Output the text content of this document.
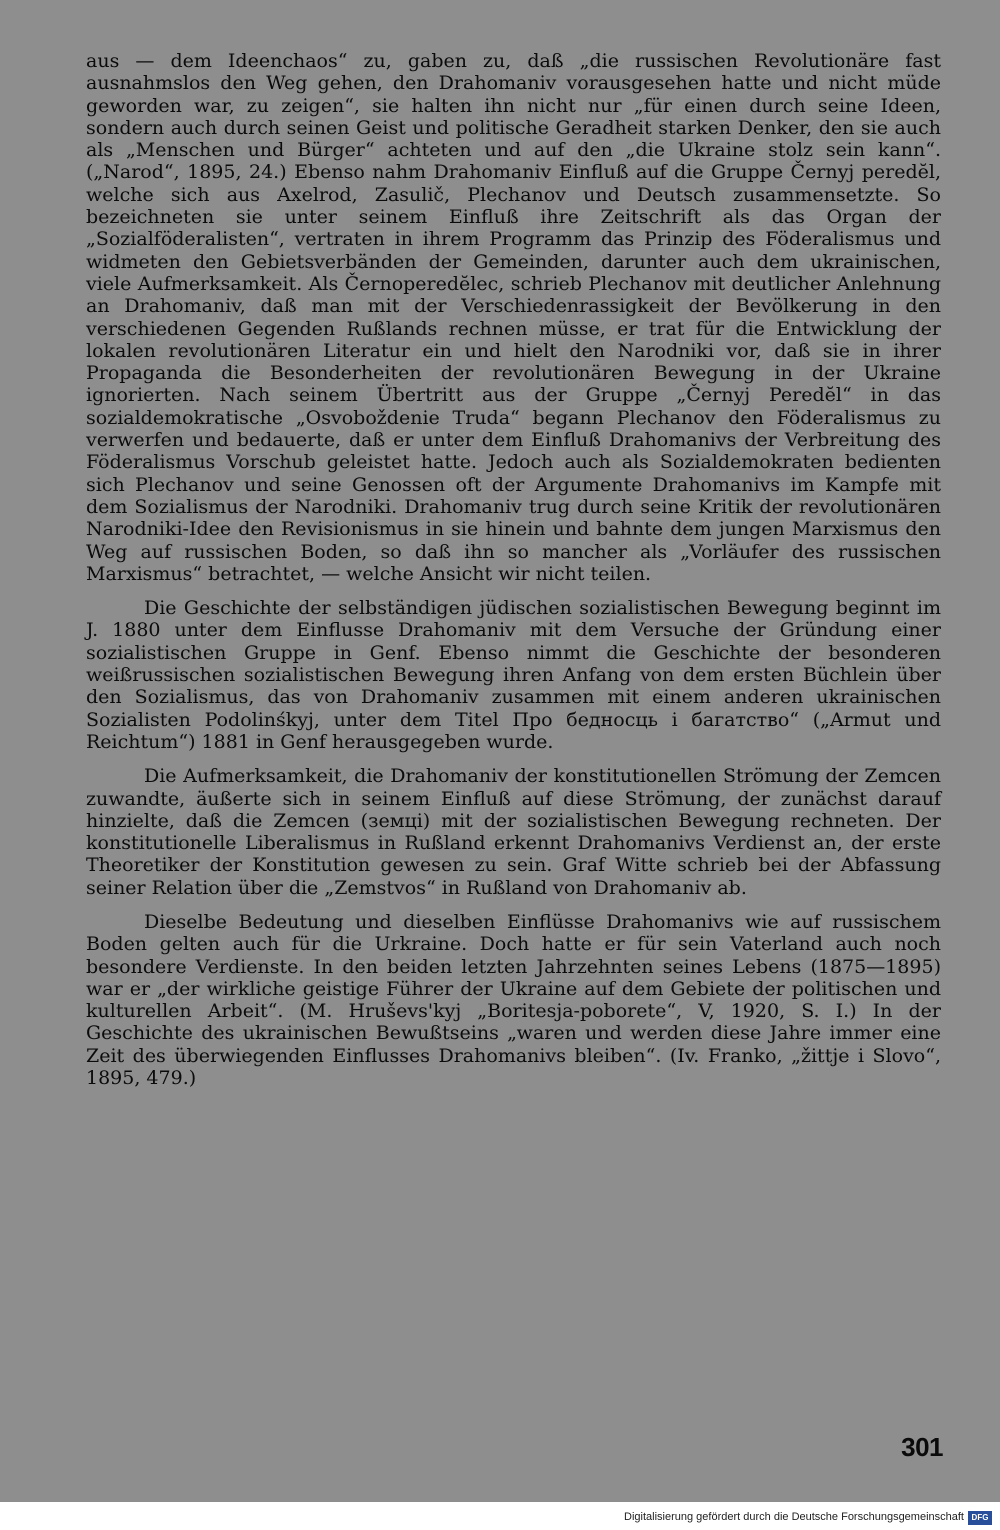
aus — dem Ideenchaos“ zu, gaben zu, daß „die russischen Revolutionäre fast ausnahmslos den Weg gehen, den Drahomaniv vorausgesehen hatte und nicht müde geworden war, zu zeigen“, sie halten ihn nicht nur „für einen durch seine Ideen, sondern auch durch seinen Geist und politische Geradheit starken Denker, den sie auch als „Menschen und Bürger“ achteten und auf den „die Ukraine stolz sein kann“. („Narod“, 1895, 24.) Ebenso nahm Drahomaniv Einfluß auf die Gruppe Černyj peredĕl, welche sich aus Axelrod, Zasulič, Plechanov und Deutsch zusammensetzte. So bezeichneten sie unter seinem Einfluß ihre Zeitschrift als das Organ der „Sozialföderalisten“, vertraten in ihrem Programm das Prinzip des Föderalismus und widmeten den Gebietsverbänden der Gemeinden, darunter auch dem ukrainischen, viele Aufmerksamkeit. Als Černoperedĕlec, schrieb Plechanov mit deutlicher Anlehnung an Drahomaniv, daß man mit der Verschiedenrassigkeit der Bevölkerung in den verschiedenen Gegenden Rußlands rechnen müsse, er trat für die Entwicklung der lokalen revolutionären Literatur ein und hielt den Narodniki vor, daß sie in ihrer Propaganda die Besonderheiten der revolutionären Bewegung in der Ukraine ignorierten. Nach seinem Übertritt aus der Gruppe „Černyj Peredĕl“ in das sozialdemokratische „Osvoboždenie Truda“ begann Plechanov den Föderalismus zu verwerfen und bedauerte, daß er unter dem Einfluß Drahomanivs der Verbreitung des Föderalismus Vorschub geleistet hatte. Jedoch auch als Sozialdemokraten bedienten sich Plechanov und seine Genossen oft der Argumente Drahomanivs im Kampfe mit dem Sozialismus der Narodniki. Drahomaniv trug durch seine Kritik der revolutionären Narodniki-Idee den Revisionismus in sie hinein und bahnte dem jungen Marxismus den Weg auf russischen Boden, so daß ihn so mancher als „Vorläufer des russischen Marxismus“ betrachtet, — welche Ansicht wir nicht teilen.

Die Geschichte der selbständigen jüdischen sozialistischen Bewegung beginnt im J. 1880 unter dem Einflusse Drahomaniv mit dem Versuche der Gründung einer sozialistischen Gruppe in Genf. Ebenso nimmt die Geschichte der besonderen weißrussischen sozialistischen Bewegung ihren Anfang von dem ersten Büchlein über den Sozialismus, das von Drahomaniv zusammen mit einem anderen ukrainischen Sozialisten Podolinśkyj, unter dem Titel Про бедносць і багатство“ („Armut und Reichtum“) 1881 in Genf herausgegeben wurde.

Die Aufmerksamkeit, die Drahomaniv der konstitutionellen Strömung der Zemcen zuwandte, äußerte sich in seinem Einfluß auf diese Strömung, der zunächst darauf hinzielte, daß die Zemcen (земці) mit der sozialistischen Bewegung rechneten. Der konstitutionelle Liberalismus in Rußland erkennt Drahomanivs Verdienst an, der erste Theoretiker der Konstitution gewesen zu sein. Graf Witte schrieb bei der Abfassung seiner Relation über die „Zemstvos“ in Rußland von Drahomaniv ab.

Dieselbe Bedeutung und dieselben Einflüsse Drahomanivs wie auf russischem Boden gelten auch für die Urkraine. Doch hatte er für sein Vaterland auch noch besondere Verdienste. In den beiden letzten Jahrzehnten seines Lebens (1875—1895) war er „der wirkliche geistige Führer der Ukraine auf dem Gebiete der politischen und kulturellen Arbeit“. (M. Hruševs'kyj „Boritesja-poborete“, V, 1920, S. I.) In der Geschichte des ukrainischen Bewußtseins „waren und werden diese Jahre immer eine Zeit des überwiegenden Einflusses Drahomanivs bleiben“. (Iv. Franko, „žittje i Slovo“, 1895, 479.)

301
Digitalisierung gefördert durch die Deutsche Forschungsgemeinschaft DFG
